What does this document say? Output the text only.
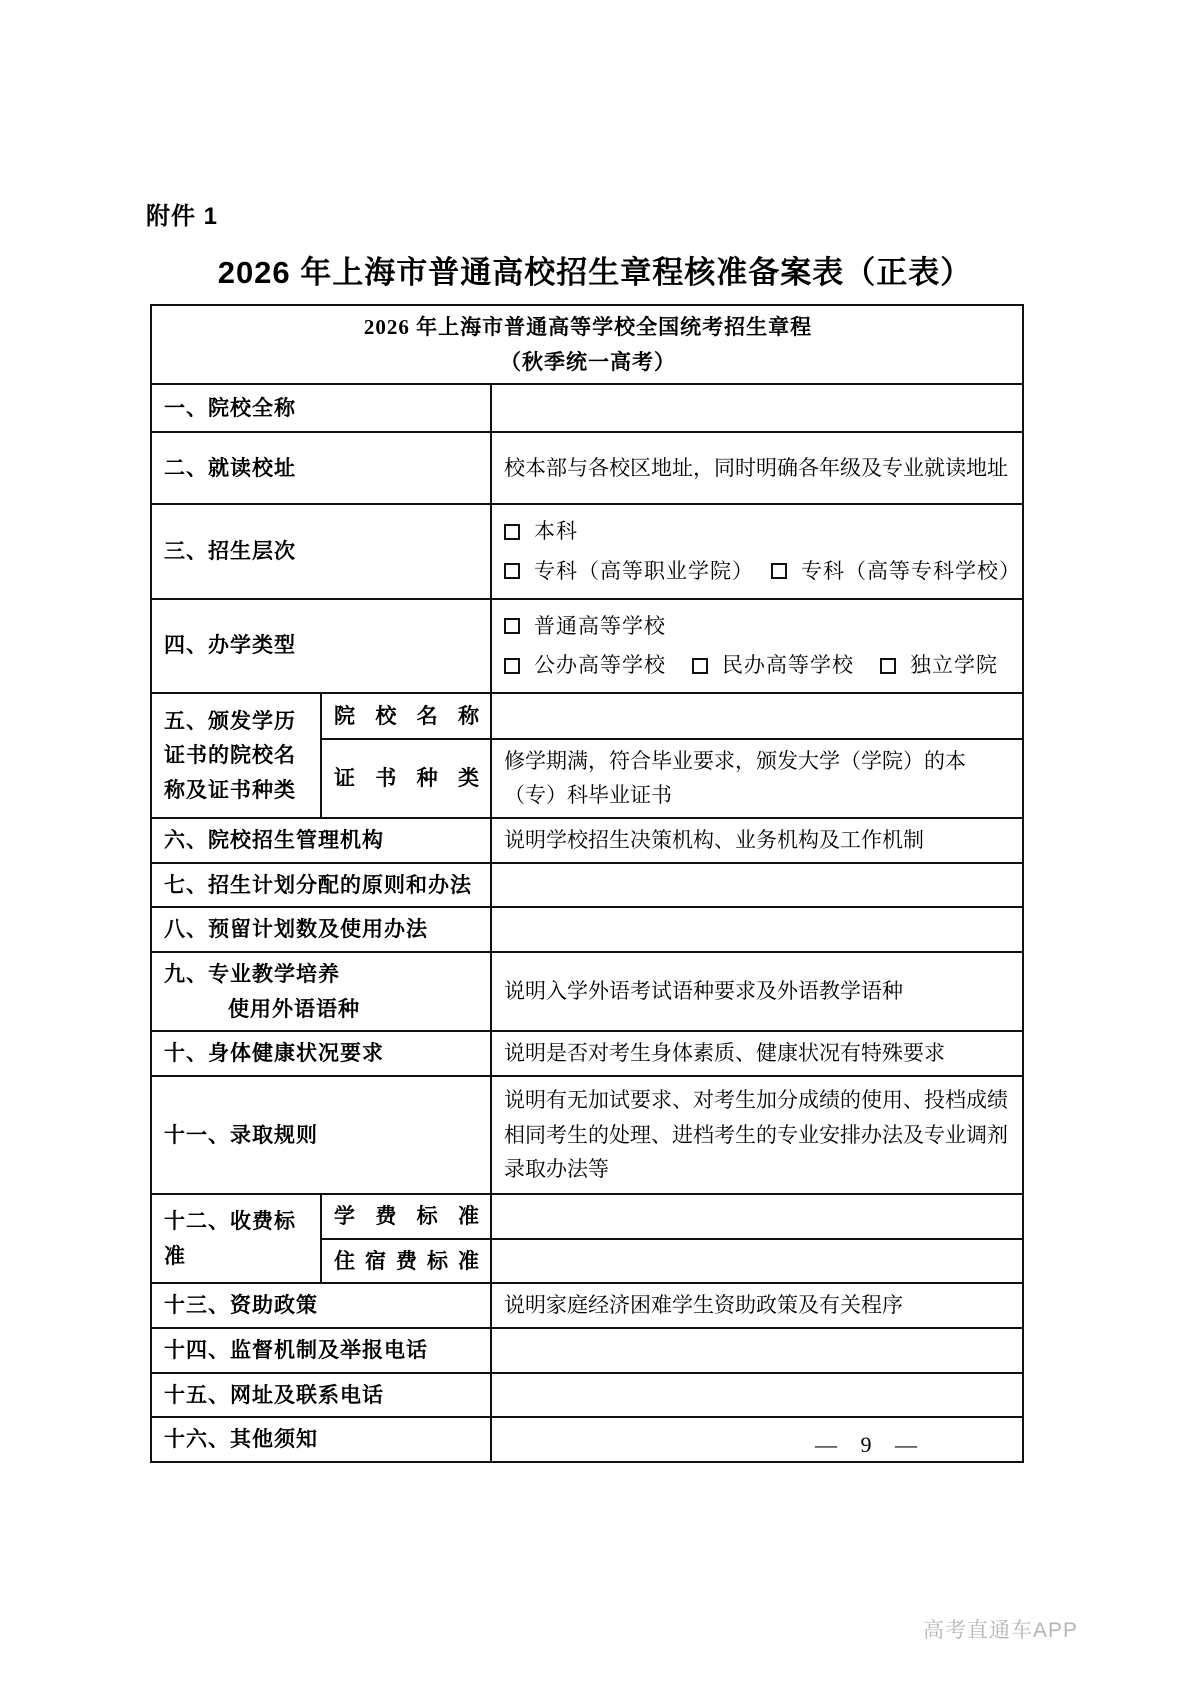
附件 1
2026 年上海市普通高校招生章程核准备案表（正表）
2026 年上海市普通高等学校全国统考招生章程
（秋季统一高考）		

一、院校全称		
二、就读校址		校本部与各校区地址，同时明确各年级及专业就读地址
三、招生层次		本科
专科（高等职业学院） 专科（高等专科学校）

四、办学类型		普通高等学校
公办高等学校 民办高等学校 独立学院

五、颁发学历证书的院校名称及证书种类	院 校 名 称	
	证 书 种 类	修学期满，符合毕业要求，颁发大学（学院）的本（专）科毕业证书
六、院校招生管理机构		说明学校招生决策机构、业务机构及工作机制
七、招生计划分配的原则和办法		
八、预留计划数及使用办法		

九、专业教学培养
使用外语语种		说明入学外语考试语种要求及外语教学语种
十、身体健康状况要求		说明是否对考生身体素质、健康状况有特殊要求
十一、录取规则		说明有无加试要求、对考生加分成绩的使用、投档成绩相同考生的处理、进档考生的专业安排办法及专业调剂录取办法等
十二、收费标准	学 费 标 准	
	住 宿 费 标 准	
十三、资助政策		说明家庭经济困难学生资助政策及有关程序
十四、监督机制及举报电话		
十五、网址及联系电话		
十六、其他须知			— 9 —
高考直通车APP
